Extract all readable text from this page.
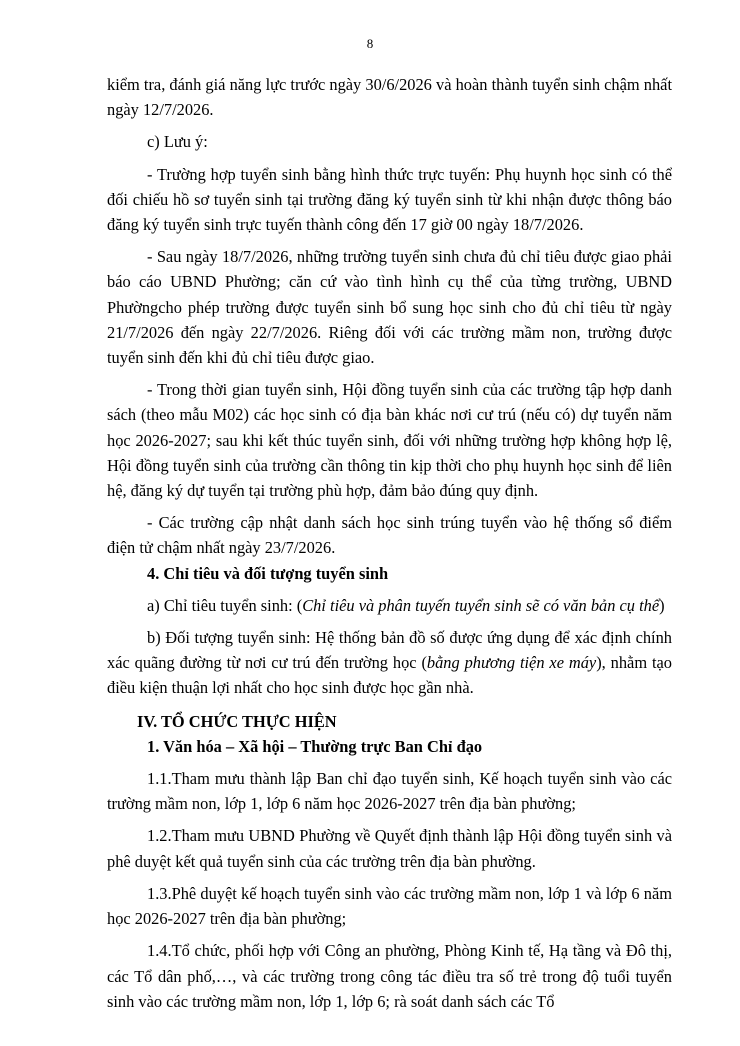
8

kiểm tra, đánh giá năng lực trước ngày 30/6/2026 và hoàn thành tuyển sinh chậm nhất ngày 12/7/2026.

c) Lưu ý:

- Trường hợp tuyển sinh bằng hình thức trực tuyến: Phụ huynh học sinh có thể đối chiếu hồ sơ tuyển sinh tại trường đăng ký tuyển sinh từ khi nhận được thông báo đăng ký tuyển sinh trực tuyến thành công đến 17 giờ 00 ngày 18/7/2026.

- Sau ngày 18/7/2026, những trường tuyển sinh chưa đủ chỉ tiêu được giao phải báo cáo UBND Phường; căn cứ vào tình hình cụ thể của từng trường, UBND Phườngcho phép trường được tuyển sinh bổ sung học sinh cho đủ chỉ tiêu từ ngày 21/7/2026 đến ngày 22/7/2026. Riêng đối với các trường mầm non, trường được tuyển sinh đến khi đủ chỉ tiêu được giao.

- Trong thời gian tuyển sinh, Hội đồng tuyển sinh của các trường tập hợp danh sách (theo mẫu M02) các học sinh có địa bàn khác nơi cư trú (nếu có) dự tuyển năm học 2026-2027; sau khi kết thúc tuyển sinh, đối với những trường hợp không hợp lệ, Hội đồng tuyển sinh của trường cần thông tin kịp thời cho phụ huynh học sinh để liên hệ, đăng ký dự tuyển tại trường phù hợp, đảm bảo đúng quy định.

- Các trường cập nhật danh sách học sinh trúng tuyển vào hệ thống sổ điểm điện tử chậm nhất ngày 23/7/2026.

4. Chỉ tiêu và đối tượng tuyển sinh

a) Chỉ tiêu tuyển sinh: (Chỉ tiêu và phân tuyến tuyển sinh sẽ có văn bản cụ thể)

b) Đối tượng tuyển sinh: Hệ thống bản đồ số được ứng dụng để xác định chính xác quãng đường từ nơi cư trú đến trường học (bằng phương tiện xe máy), nhằm tạo điều kiện thuận lợi nhất cho học sinh được học gần nhà.

IV. TỔ CHỨC THỰC HIỆN

1. Văn hóa – Xã hội – Thường trực Ban Chỉ đạo

1.1.Tham mưu thành lập Ban chỉ đạo tuyển sinh, Kế hoạch tuyển sinh vào các trường mầm non, lớp 1, lớp 6 năm học 2026-2027 trên địa bàn phường;

1.2.Tham mưu UBND Phường về Quyết định thành lập Hội đồng tuyển sinh và phê duyệt kết quả tuyển sinh của các trường trên địa bàn phường.

1.3.Phê duyệt kế hoạch tuyển sinh vào các trường mầm non, lớp 1 và lớp 6 năm học 2026-2027 trên địa bàn phường;

1.4.Tổ chức, phối hợp với Công an phường, Phòng Kinh tế, Hạ tầng và Đô thị, các Tổ dân phố,…, và các trường trong công tác điều tra số trẻ trong độ tuổi tuyển sinh vào các trường mầm non, lớp 1, lớp 6; rà soát danh sách các Tổ
